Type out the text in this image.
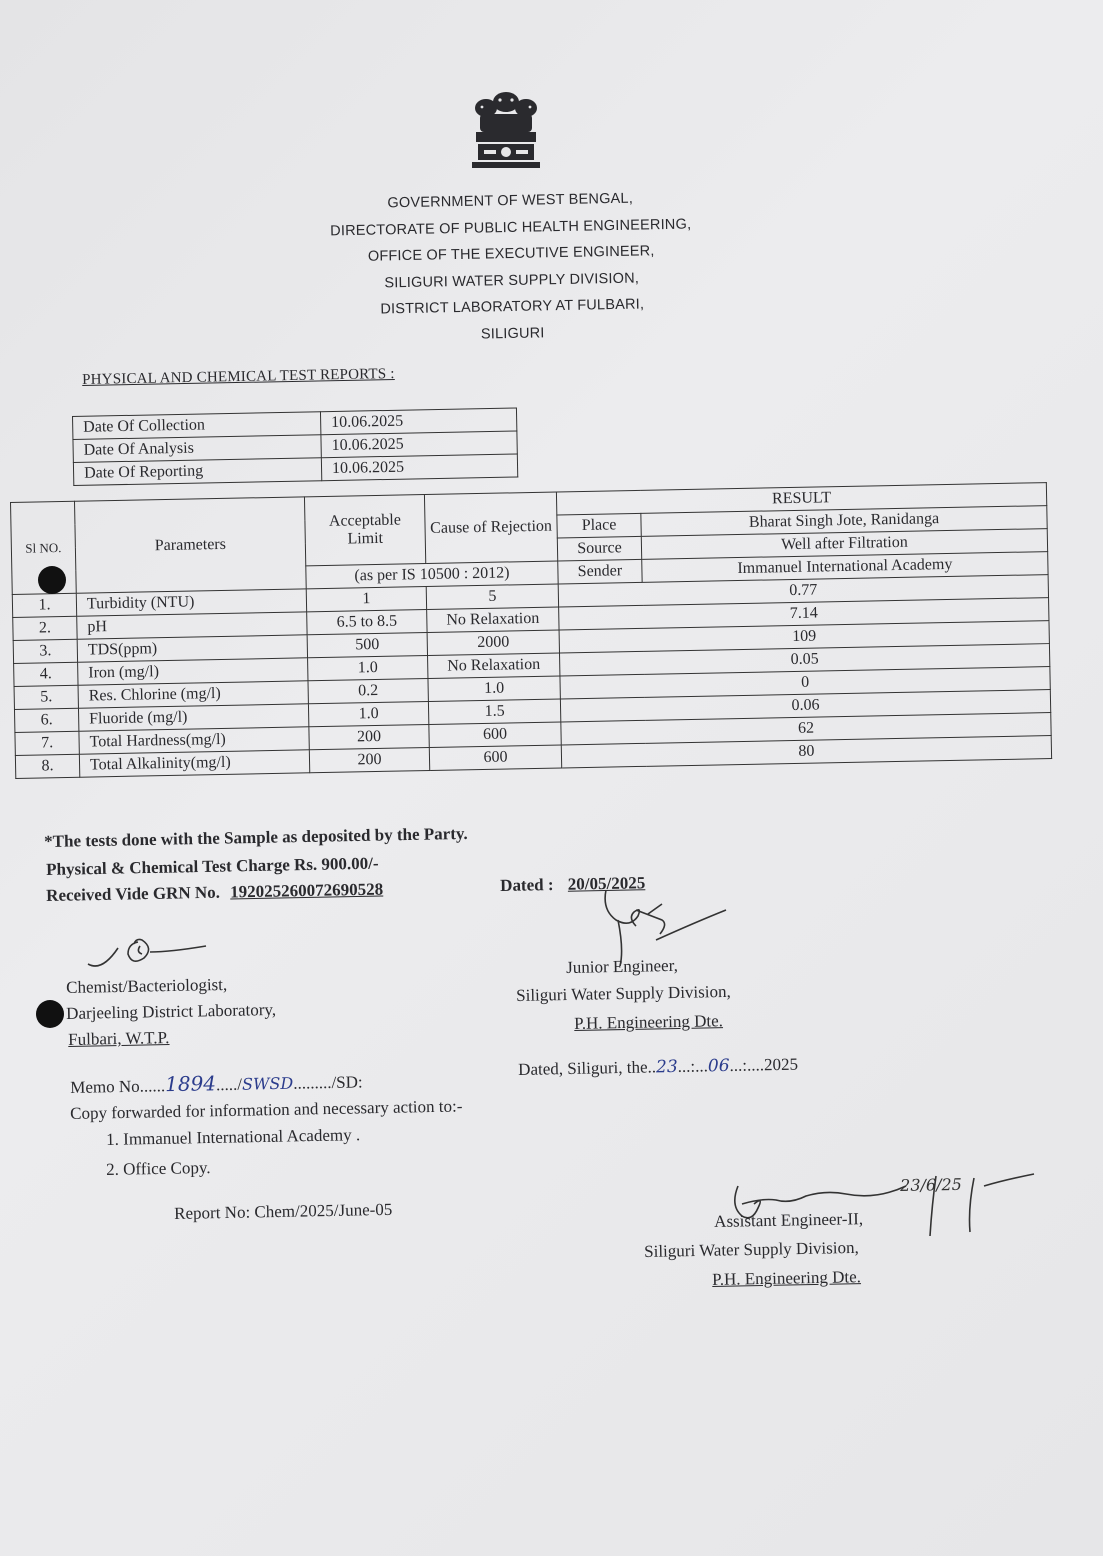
GOVERNMENT OF WEST BENGAL,
DIRECTORATE OF PUBLIC HEALTH ENGINEERING,
OFFICE OF THE EXECUTIVE ENGINEER,
SILIGURI WATER SUPPLY DIVISION,
DISTRICT LABORATORY AT FULBARI,
SILIGURI
PHYSICAL AND CHEMICAL TEST REPORTS :
Date Of Collection	10.06.2025
Date Of Analysis	10.06.2025
Date Of Reporting	10.06.2025
Sl NO.	Parameters	Acceptable Limit	Cause of Rejection	RESULT	
				Place	Bharat Singh Jote, Ranidanga
				Source	Well after Filtration
		(as per IS 10500 : 2012)		Sender	Immanuel International Academy
1.	Turbidity (NTU)	1	5	0.77	
2.	pH	6.5 to 8.5	No Relaxation	7.14	
3.	TDS(ppm)	500	2000	109	
4.	Iron (mg/l)	1.0	No Relaxation	0.05	
5.	Res. Chlorine (mg/l)	0.2	1.0	0	
6.	Fluoride (mg/l)	1.0	1.5	0.06	
7.	Total Hardness(mg/l)	200	600	62	
8.	Total Alkalinity(mg/l)	200	600	80	
*The tests done with the Sample as deposited by the Party.
Physical & Chemical Test Charge Rs. 900.00/-
Received Vide GRN No. 192025260072690528	Dated : 20/05/2025
Chemist/Bacteriologist,
Darjeeling District Laboratory,
Fulbari, W.T.P.
Junior Engineer,
Siliguri Water Supply Division,
P.H. Engineering Dte.
Memo No......1894...../SWSD........./SD:
Dated, Siliguri, the..23...:...06...:....2025
Copy forwarded for information and necessary action to:-
1. Immanuel International Academy .
2. Office Copy.
Report No: Chem/2025/June-05
23/6/25
Assistant Engineer-II,
Siliguri Water Supply Division,
P.H. Engineering Dte.
